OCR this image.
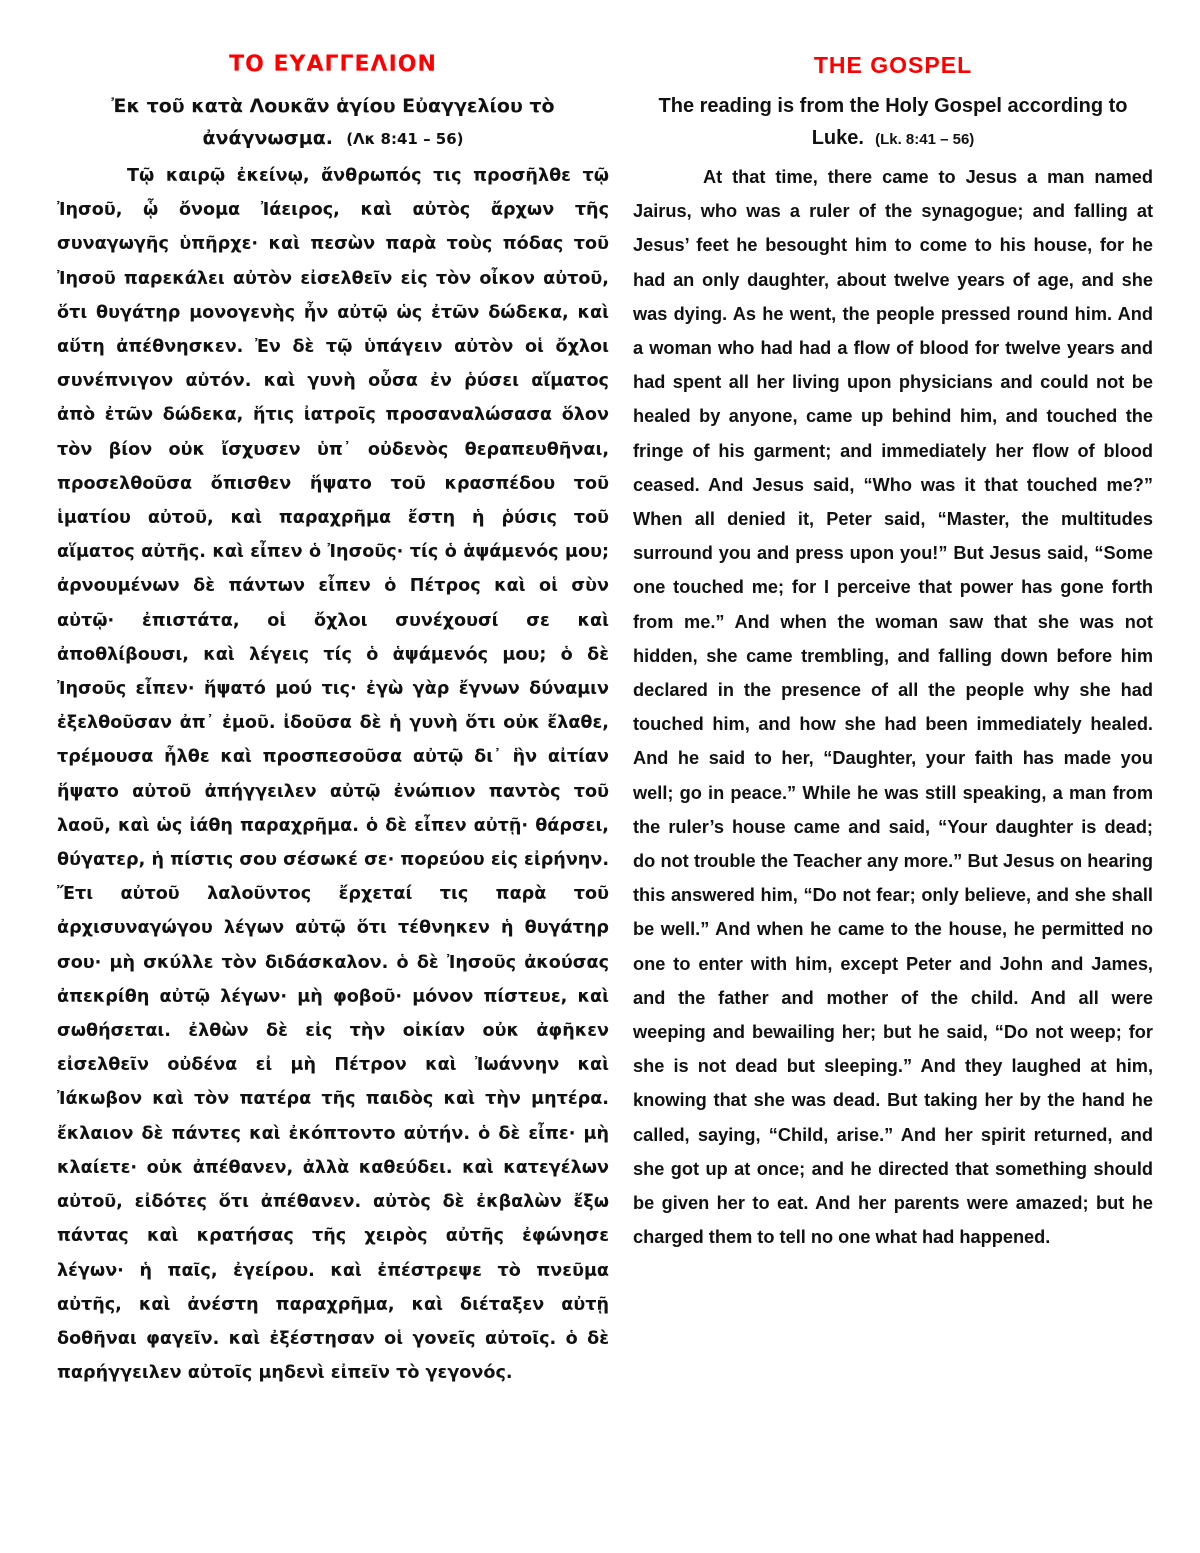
ΤΟ ΕΥΑΓΓΕΛΙΟΝ

Ἐκ τοῦ κατὰ Λουκᾶν ἁγίου Εὐαγγελίου τὸ ἀνάγνωσμα. (Λκ 8:41 – 56)

Τῷ καιρῷ ἐκείνῳ, ἄνθρωπός τις προσῆλθε τῷ Ἰησοῦ, ᾧ ὄνομα Ἰάειρος, καὶ αὐτὸς ἄρχων τῆς συναγωγῆς ὑπῆρχε· καὶ πεσὼν παρὰ τοὺς πόδας τοῦ Ἰησοῦ παρεκάλει αὐτὸν εἰσελθεῖν εἰς τὸν οἶκον αὐτοῦ, ὅτι θυγάτηρ μονογενὴς ἦν αὐτῷ ὡς ἐτῶν δώδεκα, καὶ αὕτη ἀπέθνησκεν. Ἐν δὲ τῷ ὑπάγειν αὐτὸν οἱ ὄχλοι συνέπνιγον αὐτόν. καὶ γυνὴ οὖσα ἐν ῥύσει αἵματος ἀπὸ ἐτῶν δώδεκα, ἥτις ἰατροῖς προσαναλώσασα ὅλον τὸν βίον οὐκ ἴσχυσεν ὑπ᾽ οὐδενὸς θεραπευθῆναι, προσελθοῦσα ὄπισθεν ἥψατο τοῦ κρασπέδου τοῦ ἱματίου αὐτοῦ, καὶ παραχρῆμα ἔστη ἡ ῥύσις τοῦ αἵματος αὐτῆς. καὶ εἶπεν ὁ Ἰησοῦς· τίς ὁ ἁψάμενός μου; ἀρνουμένων δὲ πάντων εἶπεν ὁ Πέτρος καὶ οἱ σὺν αὐτῷ· ἐπιστάτα, οἱ ὄχλοι συνέχουσί σε καὶ ἀποθλίβουσι, καὶ λέγεις τίς ὁ ἁψάμενός μου; ὁ δὲ Ἰησοῦς εἶπεν· ἥψατό μού τις· ἐγὼ γὰρ ἔγνων δύναμιν ἐξελθοῦσαν ἀπ᾽ ἐμοῦ. ἰδοῦσα δὲ ἡ γυνὴ ὅτι οὐκ ἔλαθε, τρέμουσα ἦλθε καὶ προσπεσοῦσα αὐτῷ δι᾽ ἣν αἰτίαν ἥψατο αὐτοῦ ἀπήγγειλεν αὐτῷ ἐνώπιον παντὸς τοῦ λαοῦ, καὶ ὡς ἰάθη παραχρῆμα. ὁ δὲ εἶπεν αὐτῇ· θάρσει, θύγατερ, ἡ πίστις σου σέσωκέ σε· πορεύου εἰς εἰρήνην. Ἔτι αὐτοῦ λαλοῦντος ἔρχεταί τις παρὰ τοῦ ἀρχισυναγώγου λέγων αὐτῷ ὅτι τέθνηκεν ἡ θυγάτηρ σου· μὴ σκύλλε τὸν διδάσκαλον. ὁ δὲ Ἰησοῦς ἀκούσας ἀπεκρίθη αὐτῷ λέγων· μὴ φοβοῦ· μόνον πίστευε, καὶ σωθήσεται. ἐλθὼν δὲ εἰς τὴν οἰκίαν οὐκ ἀφῆκεν εἰσελθεῖν οὐδένα εἰ μὴ Πέτρον καὶ Ἰωάννην καὶ Ἰάκωβον καὶ τὸν πατέρα τῆς παιδὸς καὶ τὴν μητέρα. ἔκλαιον δὲ πάντες καὶ ἐκόπτοντο αὐτήν. ὁ δὲ εἶπε· μὴ κλαίετε· οὐκ ἀπέθανεν, ἀλλὰ καθεύδει. καὶ κατεγέλων αὐτοῦ, εἰδότες ὅτι ἀπέθανεν. αὐτὸς δὲ ἐκβαλὼν ἔξω πάντας καὶ κρατήσας τῆς χειρὸς αὐτῆς ἐφώνησε λέγων· ἡ παῖς, ἐγείρου. καὶ ἐπέστρεψε τὸ πνεῦμα αὐτῆς, καὶ ἀνέστη παραχρῆμα, καὶ διέταξεν αὐτῇ δοθῆναι φαγεῖν. καὶ ἐξέστησαν οἱ γονεῖς αὐτοῖς. ὁ δὲ παρήγγειλεν αὐτοῖς μηδενὶ εἰπεῖν τὸ γεγονός.

THE GOSPEL

The reading is from the Holy Gospel according to Luke. (Lk. 8:41 – 56)

At that time, there came to Jesus a man named Jairus, who was a ruler of the synagogue; and falling at Jesus’ feet he besought him to come to his house, for he had an only daughter, about twelve years of age, and she was dying. As he went, the people pressed round him. And a woman who had had a flow of blood for twelve years and had spent all her living upon physicians and could not be healed by anyone, came up behind him, and touched the fringe of his garment; and immediately her flow of blood ceased. And Jesus said, “Who was it that touched me?” When all denied it, Peter said, “Master, the multitudes surround you and press upon you!” But Jesus said, “Some one touched me; for I perceive that power has gone forth from me.” And when the woman saw that she was not hidden, she came trembling, and falling down before him declared in the presence of all the people why she had touched him, and how she had been immediately healed. And he said to her, “Daughter, your faith has made you well; go in peace.” While he was still speaking, a man from the ruler’s house came and said, “Your daughter is dead; do not trouble the Teacher any more.” But Jesus on hearing this answered him, “Do not fear; only believe, and she shall be well.” And when he came to the house, he permitted no one to enter with him, except Peter and John and James, and the father and mother of the child. And all were weeping and bewailing her; but he said, “Do not weep; for she is not dead but sleeping.” And they laughed at him, knowing that she was dead. But taking her by the hand he called, saying, “Child, arise.” And her spirit returned, and she got up at once; and he directed that something should be given her to eat. And her parents were amazed; but he charged them to tell no one what had happened.
